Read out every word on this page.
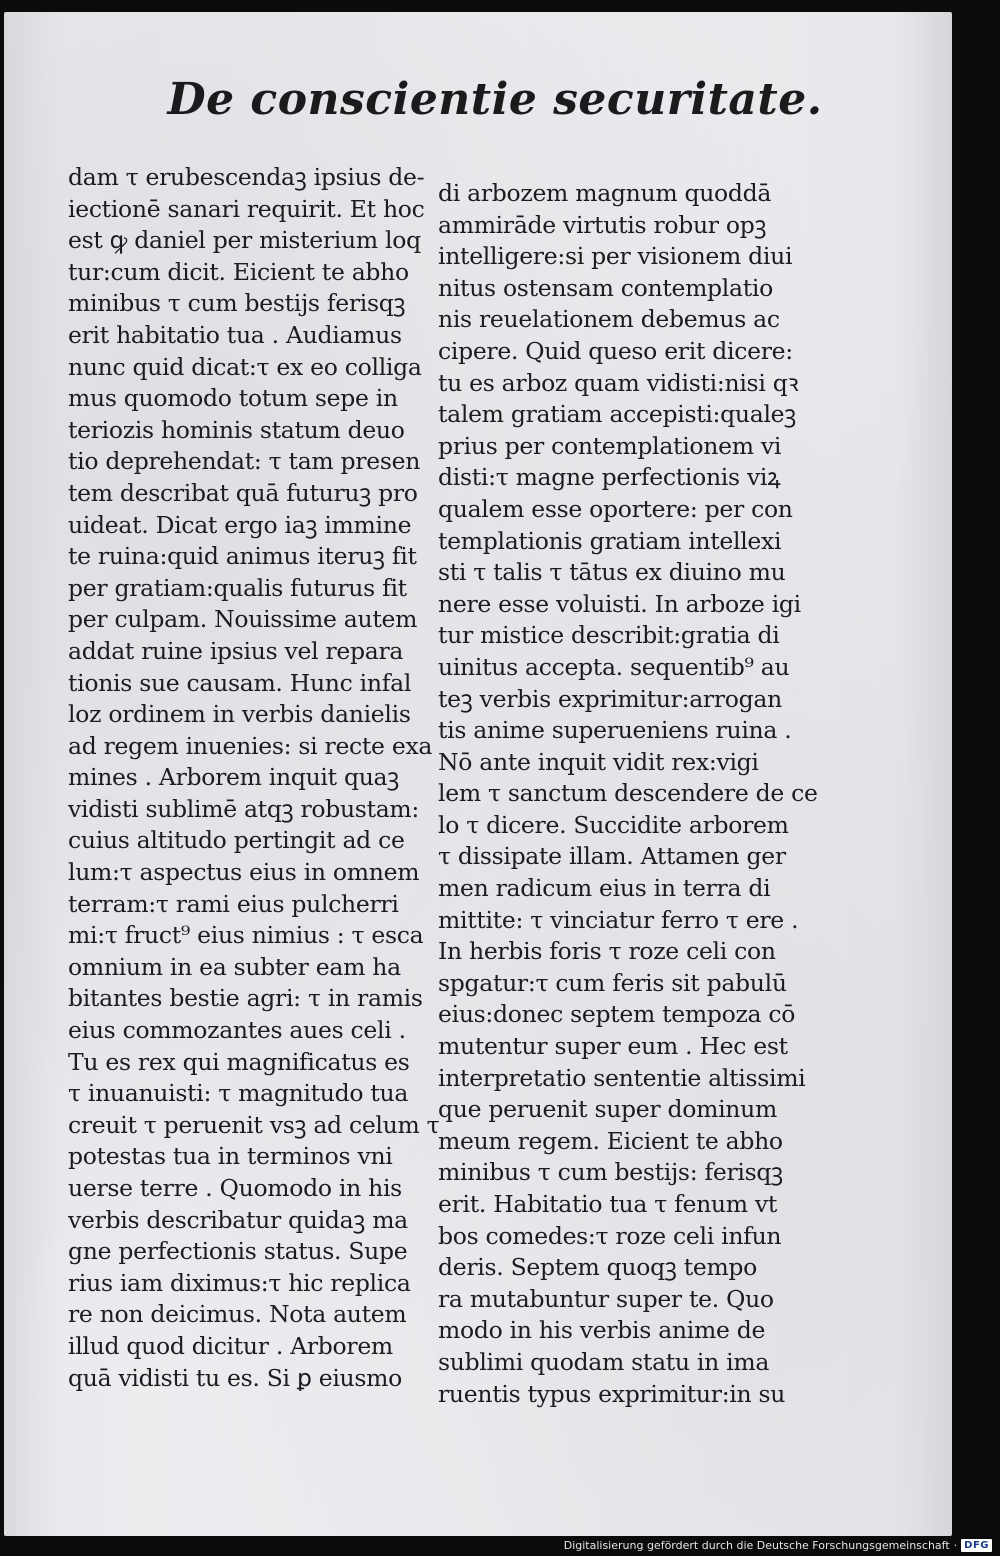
De conscientie securitate.
dam τ erubescendaꝫ ipsius de-
iectionē sanari requirit. Et hoc
est ꝙ daniel per misterium loq
tur:cum dicit. Eicient te abho
minibus τ cum bestijs ferisqꝫ
erit habitatio tua . Audiamus
nunc quid dicat:τ ex eo colliga
mus quomodo totum sepe in
teriozis hominis statum deuo
tio deprehendat: τ tam presen
tem describat quā futuruꝫ pro
uideat. Dicat ergo iaꝫ immine
te ruina:quid animus iteruꝫ fit
per gratiam:qualis futurus fit
per culpam. Nouissime autem
addat ruine ipsius vel repara
tionis sue causam. Hunc infal
loz ordinem in verbis danielis
ad regem inuenies: si recte exa
mines . Arborem inquit quaꝫ
vidisti sublimē atqꝫ robustam:
cuius altitudo pertingit ad ce
lum:τ aspectus eius in omnem
terram:τ rami eius pulcherri
mi:τ fruct⁹ eius nimius : τ esca
omnium in ea subter eam ha
bitantes bestie agri: τ in ramis
eius commozantes aues celi .
Tu es rex qui magnificatus es
τ inuanuisti: τ magnitudo tua
creuit τ peruenit vsꝫ ad celum τ
potestas tua in terminos vni
uerse terre . Quomodo in his
verbis describatur quidaꝫ ma
gne perfectionis status. Supe
rius iam diximus:τ hic replica
re non deicimus. Nota autem
illud quod dicitur . Arborem
quā vidisti tu es. Si ꝑ eiusmo
di arbozem magnum quoddā
ammirāde virtutis robur opꝫ
intelligere:si per visionem diui
nitus ostensam contemplatio
nis reuelationem debemus ac
cipere. Quid queso erit dicere:
tu es arboz quam vidisti:nisi qꝛ
talem gratiam accepisti:qualeꝫ
prius per contemplationem vi
disti:τ magne perfectionis viꝝ
qualem esse oportere: per con
templationis gratiam intellexi
sti τ talis τ tātus ex diuino mu
nere esse voluisti. In arboze igi
tur mistice describit:gratia di
uinitus accepta. sequentib⁹ au
teꝫ verbis exprimitur:arrogan
tis anime superueniens ruina .
Nō ante inquit vidit rex:vigi
lem τ sanctum descendere de ce
lo τ dicere. Succidite arborem
τ dissipate illam. Attamen ger
men radicum eius in terra di
mittite: τ vinciatur ferro τ ere .
In herbis foris τ roze celi con
spgatur:τ cum feris sit pabulū
eius:donec septem tempoza cō
mutentur super eum . Hec est
interpretatio sententie altissimi
que peruenit super dominum
meum regem. Eicient te abho
minibus τ cum bestijs: ferisqꝫ
erit. Habitatio tua τ fenum vt
bos comedes:τ roze celi infun
deris. Septem quoqꝫ tempo
ra mutabuntur super te. Quo
modo in his verbis anime de
sublimi quodam statu in ima
ruentis typus exprimitur:in su
Digitalisierung gefördert durch die Deutsche Forschungsgemeinschaft · DFG
